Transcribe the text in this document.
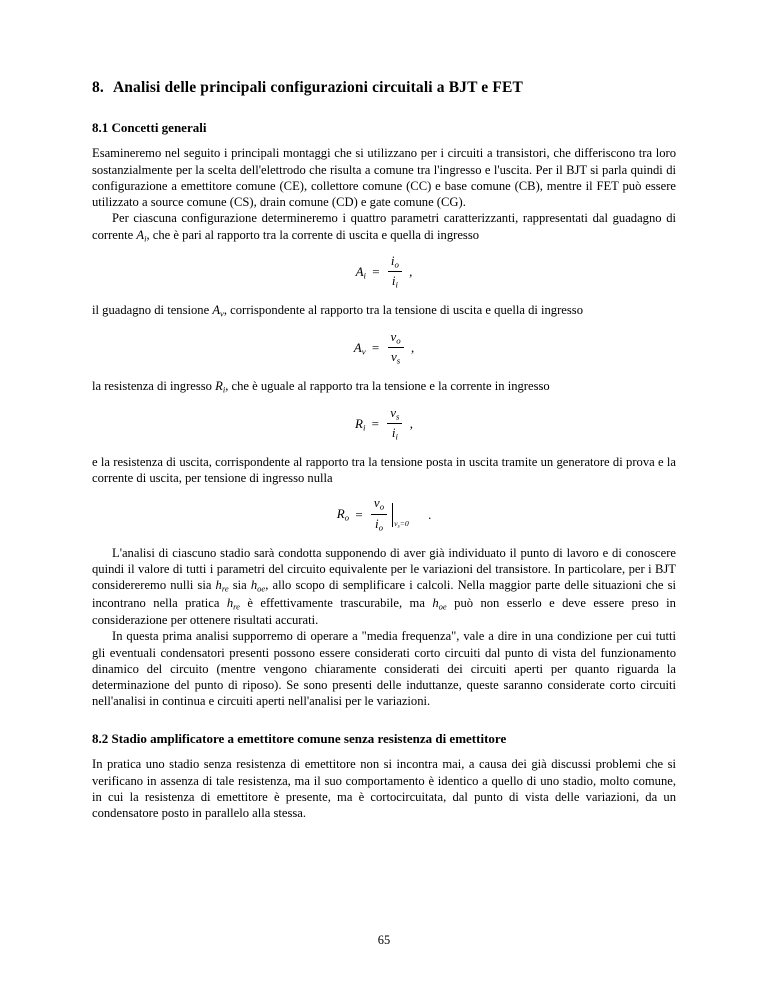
8. Analisi delle principali configurazioni circuitali a BJT e FET
8.1 Concetti generali

Esamineremo nel seguito i principali montaggi che si utilizzano per i circuiti a transistori, che differiscono tra loro sostanzialmente per la scelta dell'elettrodo che risulta a comune tra l'ingresso e l'uscita. Per il BJT si parla quindi di configurazione a emettitore comune (CE), collettore comune (CC) e base comune (CB), mentre il FET può essere utilizzato a source comune (CS), drain comune (CD) e gate comune (CG).

Per ciascuna configurazione determineremo i quattro parametri caratterizzanti, rappresentati dal guadagno di corrente $A_i$, che è pari al rapporto tra la corrente di uscita e quella di ingresso

$A_i = \frac{i_o}{i_i}$ ,

il guadagno di tensione $A_v$, corrispondente al rapporto tra la tensione di uscita e quella di ingresso

$A_v = \frac{v_o}{v_s}$ ,

la resistenza di ingresso $R_i$, che è uguale al rapporto tra la tensione e la corrente in ingresso

$R_i = \frac{v_s}{i_i}$ ,

e la resistenza di uscita, corrispondente al rapporto tra la tensione posta in uscita tramite un generatore di prova e la corrente di uscita, per tensione di ingresso nulla

$R_o = \frac{v_o}{i_o} _{v_s=0}$ .

L'analisi di ciascuno stadio sarà condotta supponendo di aver già individuato il punto di lavoro e di conoscere quindi il valore di tutti i parametri del circuito equivalente per le variazioni del transistore. In particolare, per i BJT considereremo nulli sia $h_{re}$ sia $h_{oe}$, allo scopo di semplificare i calcoli. Nella maggior parte delle situazioni che si incontrano nella pratica $h_{re}$ è effettivamente trascurabile, ma $h_{oe}$ può non esserlo e deve essere preso in considerazione per ottenere risultati accurati.

In questa prima analisi supporremo di operare a "media frequenza", vale a dire in una condizione per cui tutti gli eventuali condensatori presenti possono essere considerati corto circuiti dal punto di vista del funzionamento dinamico del circuito (mentre vengono chiaramente considerati dei circuiti aperti per quanto riguarda la determinazione del punto di riposo). Se sono presenti delle induttanze, queste saranno considerate corto circuiti nell'analisi in continua e circuiti aperti nell'analisi per le variazioni.

8.2 Stadio amplificatore a emettitore comune senza resistenza di emettitore

In pratica uno stadio senza resistenza di emettitore non si incontra mai, a causa dei già discussi problemi che si verificano in assenza di tale resistenza, ma il suo comportamento è identico a quello di uno stadio, molto comune, in cui la resistenza di emettitore è presente, ma è cortocircuitata, dal punto di vista delle variazioni, da un condensatore posto in parallelo alla stessa.

65
